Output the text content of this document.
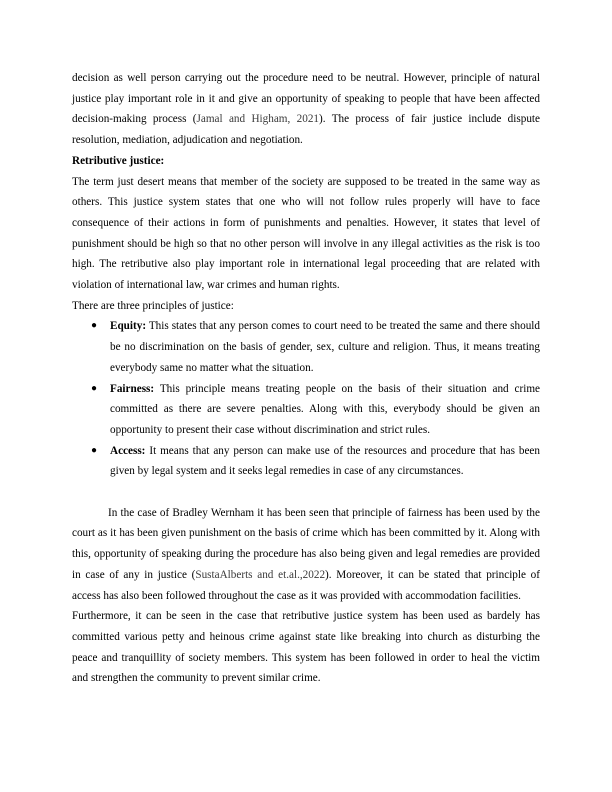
decision as well person carrying out the procedure need to be neutral. However, principle of natural justice play important role in it and give an opportunity of speaking to people that have been affected decision-making process (Jamal and Higham, 2021). The process of fair justice include dispute resolution, mediation, adjudication and negotiation.

Retributive justice:

The term just desert means that member of the society are supposed to be treated in the same way as others. This justice system states that one who will not follow rules properly will have to face consequence of their actions in form of punishments and penalties. However, it states that level of punishment should be high so that no other person will involve in any illegal activities as the risk is too high. The retributive also play important role in international legal proceeding that are related with violation of international law, war crimes and human rights.

There are three principles of justice:

● Equity: This states that any person comes to court need to be treated the same and there should be no discrimination on the basis of gender, sex, culture and religion. Thus, it means treating everybody same no matter what the situation.
● Fairness: This principle means treating people on the basis of their situation and crime committed as there are severe penalties. Along with this, everybody should be given an opportunity to present their case without discrimination and strict rules.
● Access: It means that any person can make use of the resources and procedure that has been given by legal system and it seeks legal remedies in case of any circumstances.

In the case of Bradley Wernham it has been seen that principle of fairness has been used by the court as it has been given punishment on the basis of crime which has been committed by it. Along with this, opportunity of speaking during the procedure has also being given and legal remedies are provided in case of any in justice (SustaAlberts and et.al.,2022). Moreover, it can be stated that principle of access has also been followed throughout the case as it was provided with accommodation facilities.

Furthermore, it can be seen in the case that retributive justice system has been used as bardely has committed various petty and heinous crime against state like breaking into church as disturbing the peace and tranquillity of society members. This system has been followed in order to heal the victim and strengthen the community to prevent similar crime.
